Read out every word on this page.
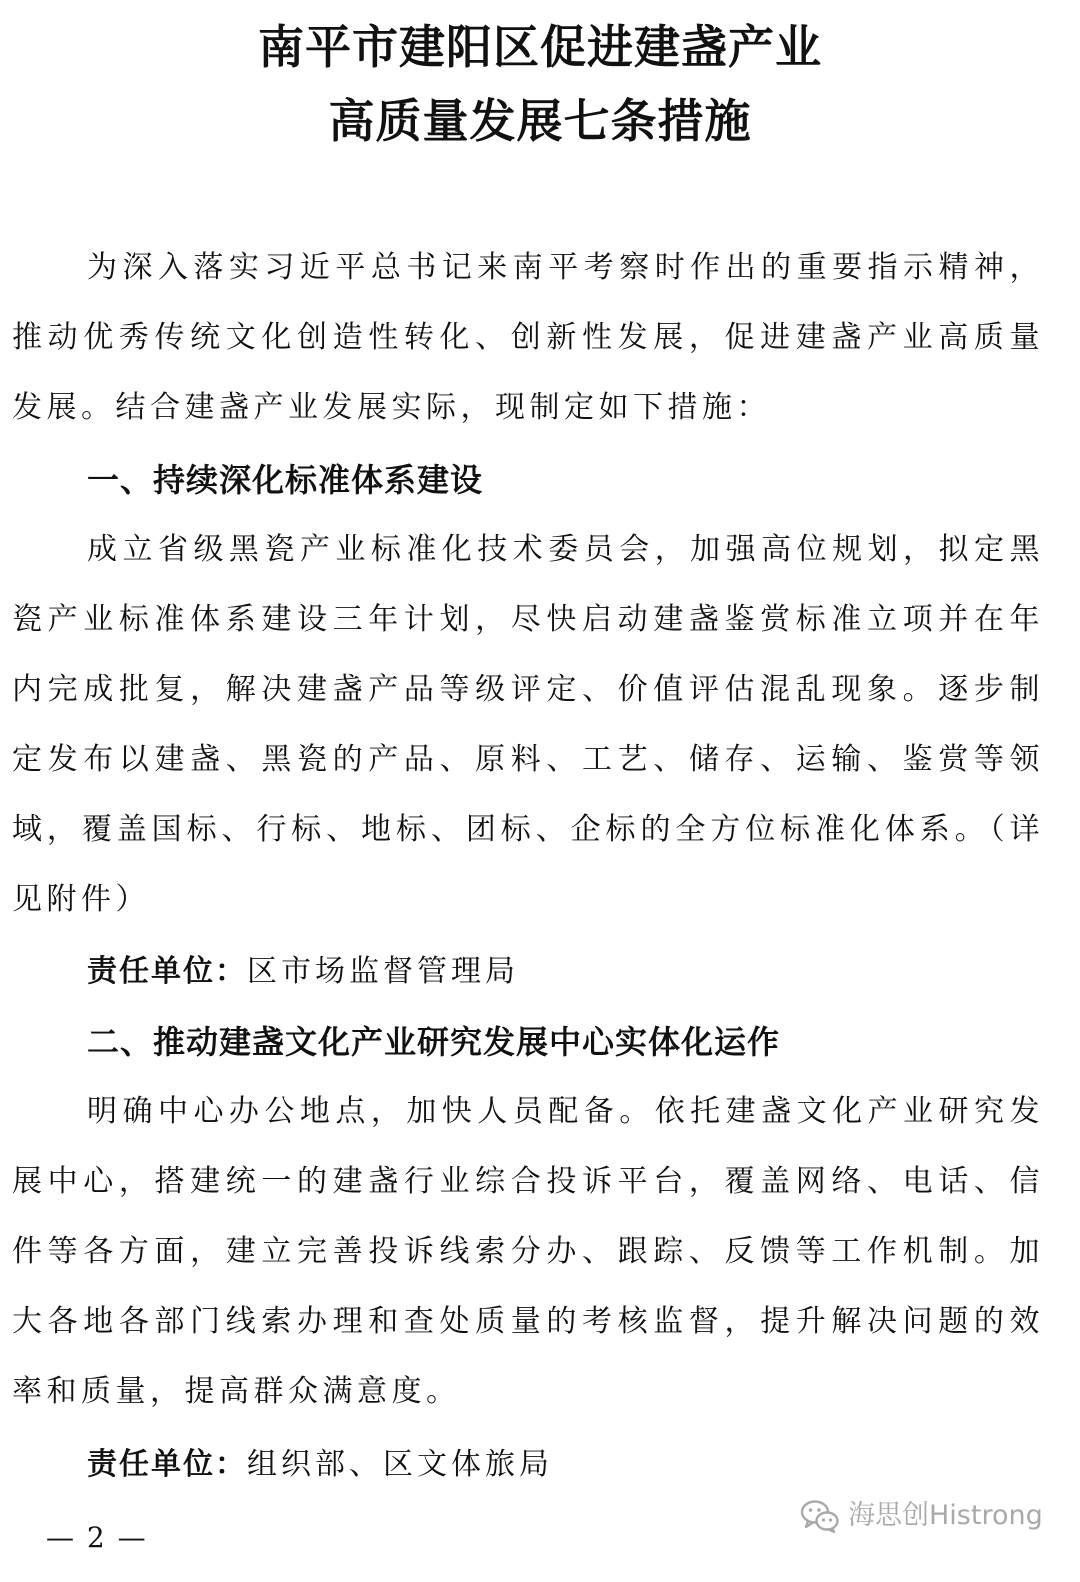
南平市建阳区促进建盏产业
高质量发展七条措施

为深入落实习近平总书记来南平考察时作出的重要指示精神，推动优秀传统文化创造性转化、创新性发展，促进建盏产业高质量发展。结合建盏产业发展实际，现制定如下措施：

一、持续深化标准体系建设

成立省级黑瓷产业标准化技术委员会，加强高位规划，拟定黑瓷产业标准体系建设三年计划，尽快启动建盏鉴赏标准立项并在年内完成批复，解决建盏产品等级评定、价值评估混乱现象。逐步制定发布以建盏、黑瓷的产品、原料、工艺、储存、运输、鉴赏等领域，覆盖国标、行标、地标、团标、企标的全方位标准化体系。（详见附件）

责任单位：区市场监督管理局
二、推动建盏文化产业研究发展中心实体化运作

明确中心办公地点，加快人员配备。依托建盏文化产业研究发展中心，搭建统一的建盏行业综合投诉平台，覆盖网络、电话、信件等各方面，建立完善投诉线索分办、跟踪、反馈等工作机制。加大各地各部门线索办理和查处质量的考核监督，提升解决问题的效率和质量，提高群众满意度。

责任单位：组织部、区文体旅局
— 2 —
海思创Histrong
